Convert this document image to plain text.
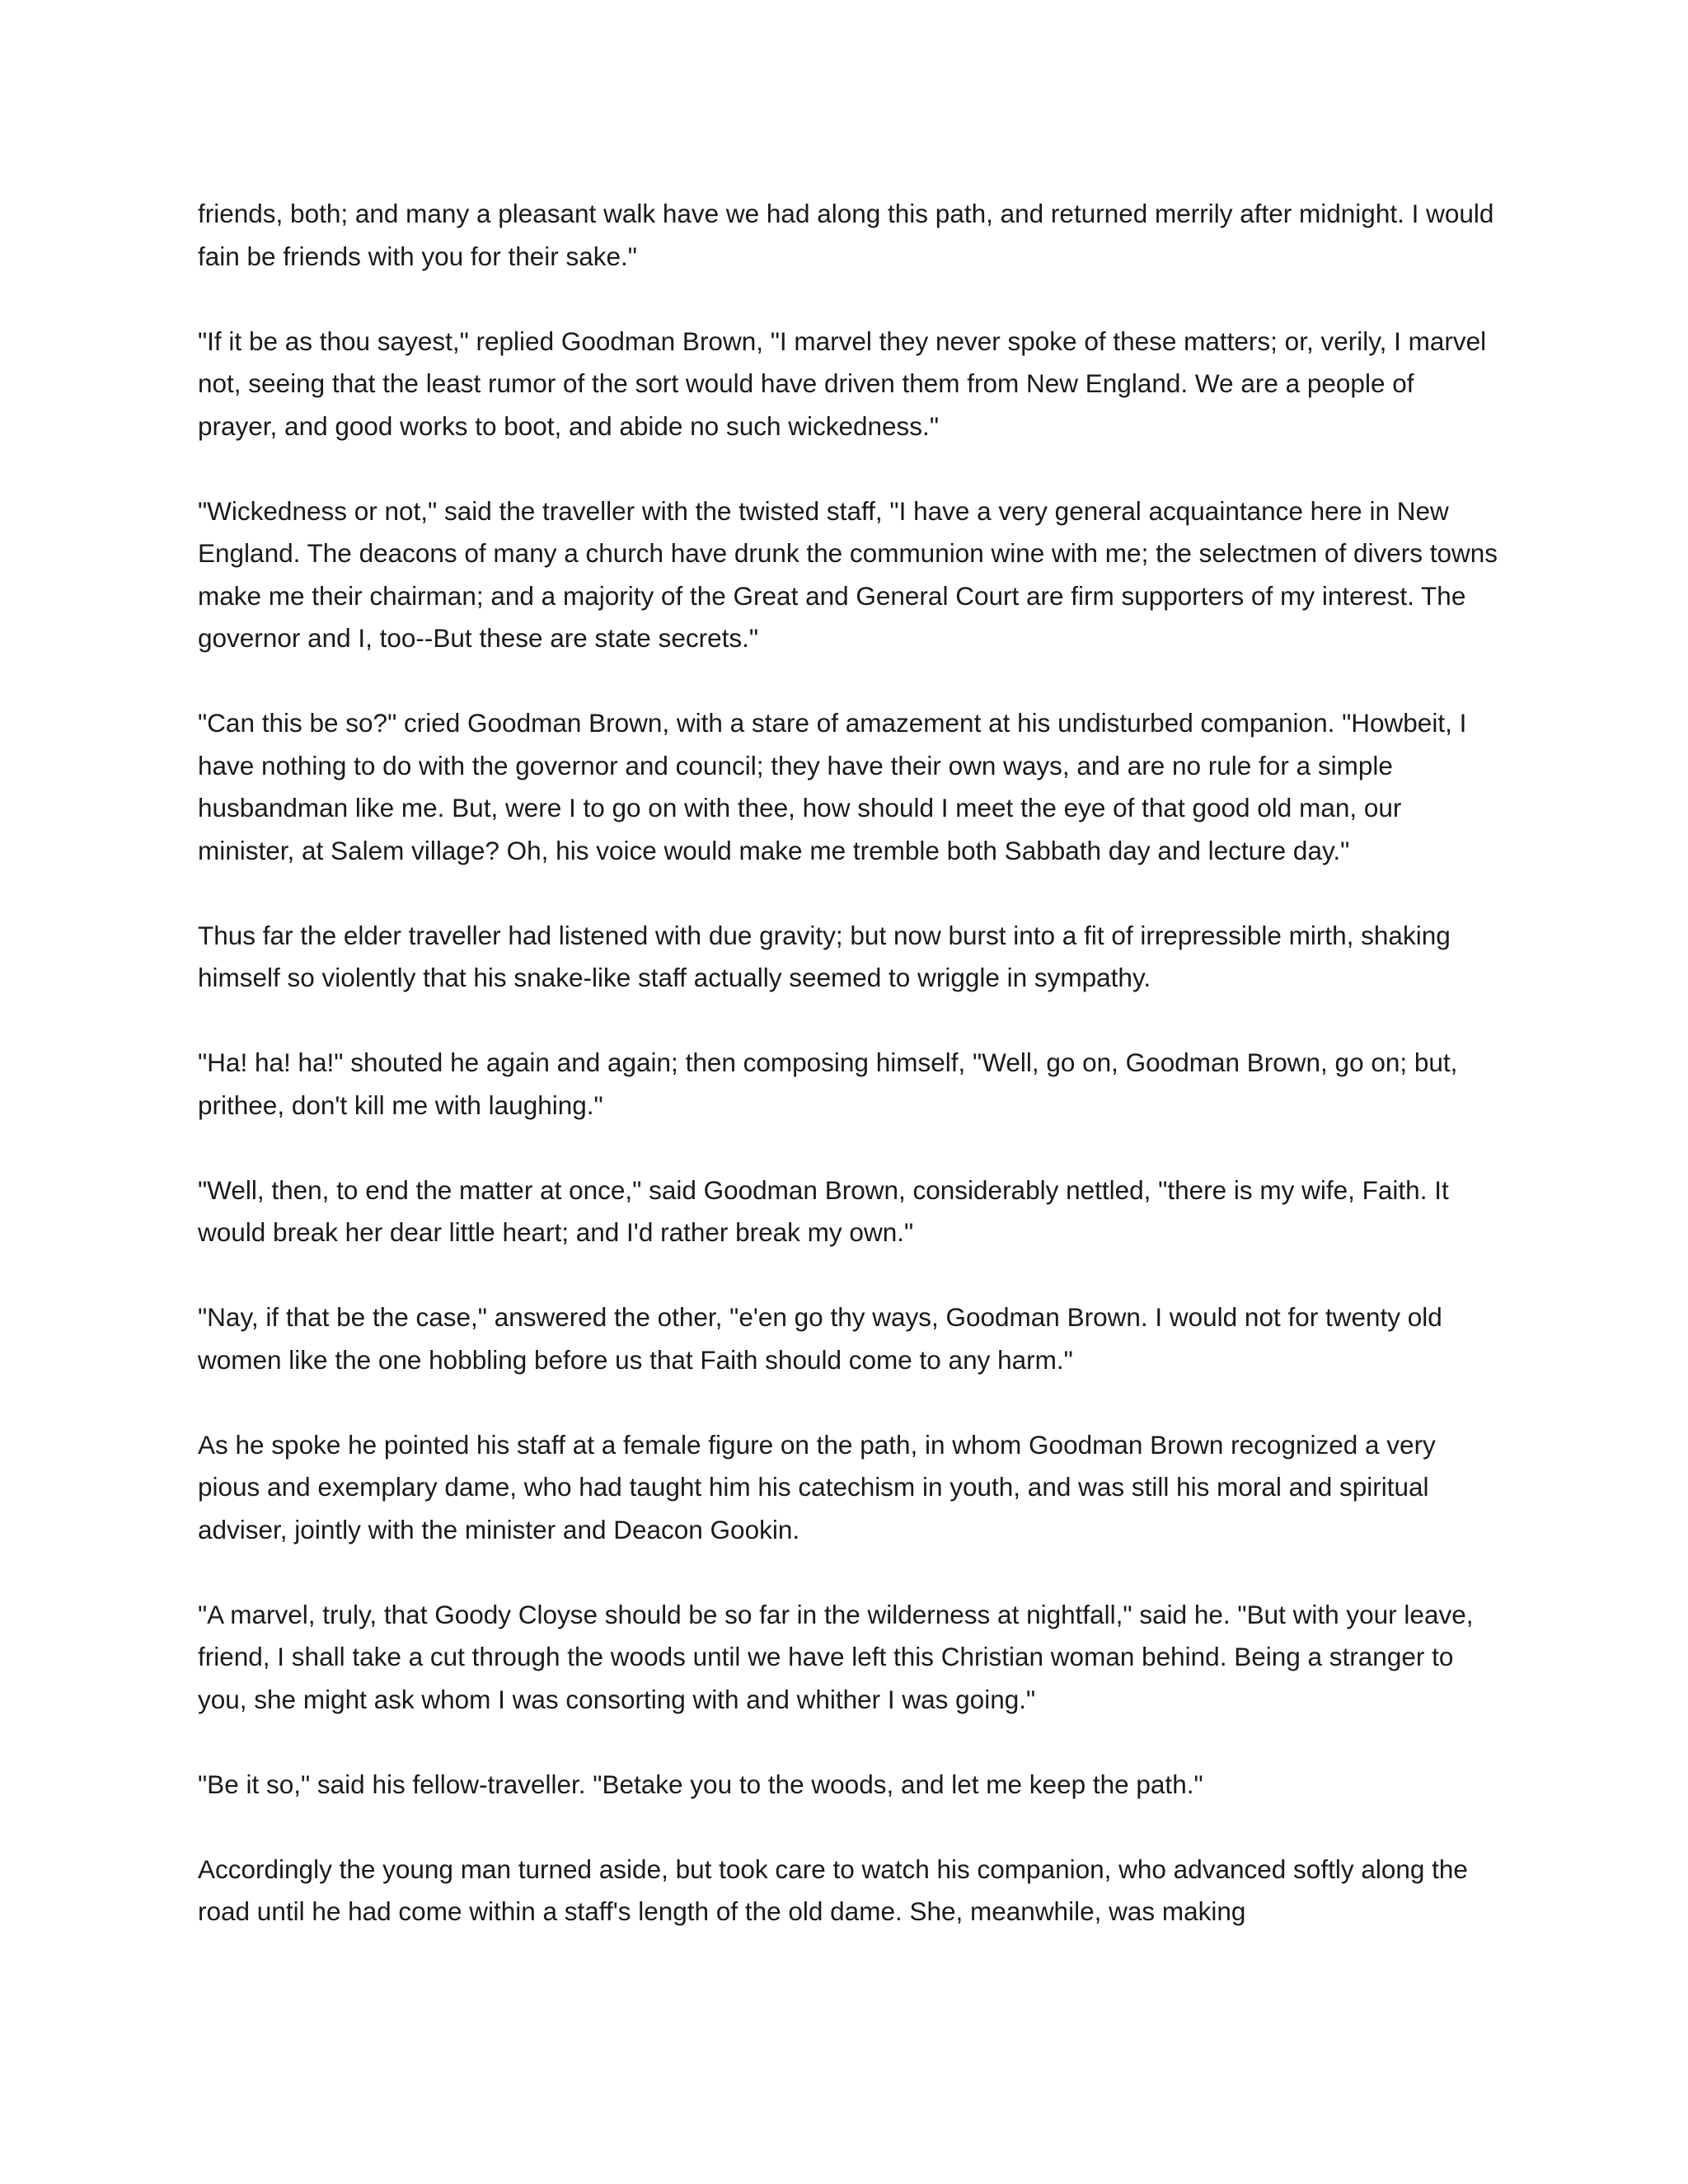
friends, both; and many a pleasant walk have we had along this path, and returned merrily after midnight. I would fain be friends with you for their sake."

"If it be as thou sayest," replied Goodman Brown, "I marvel they never spoke of these matters; or, verily, I marvel not, seeing that the least rumor of the sort would have driven them from New England. We are a people of prayer, and good works to boot, and abide no such wickedness."

"Wickedness or not," said the traveller with the twisted staff, "I have a very general acquaintance here in New England. The deacons of many a church have drunk the communion wine with me; the selectmen of divers towns make me their chairman; and a majority of the Great and General Court are firm supporters of my interest. The governor and I, too--But these are state secrets."

"Can this be so?" cried Goodman Brown, with a stare of amazement at his undisturbed companion. "Howbeit, I have nothing to do with the governor and council; they have their own ways, and are no rule for a simple husbandman like me. But, were I to go on with thee, how should I meet the eye of that good old man, our minister, at Salem village? Oh, his voice would make me tremble both Sabbath day and lecture day."

Thus far the elder traveller had listened with due gravity; but now burst into a fit of irrepressible mirth, shaking himself so violently that his snake-like staff actually seemed to wriggle in sympathy.

"Ha! ha! ha!" shouted he again and again; then composing himself, "Well, go on, Goodman Brown, go on; but, prithee, don't kill me with laughing."

"Well, then, to end the matter at once," said Goodman Brown, considerably nettled, "there is my wife, Faith. It would break her dear little heart; and I'd rather break my own."

"Nay, if that be the case," answered the other, "e'en go thy ways, Goodman Brown. I would not for twenty old women like the one hobbling before us that Faith should come to any harm."

As he spoke he pointed his staff at a female figure on the path, in whom Goodman Brown recognized a very pious and exemplary dame, who had taught him his catechism in youth, and was still his moral and spiritual adviser, jointly with the minister and Deacon Gookin.

"A marvel, truly, that Goody Cloyse should be so far in the wilderness at nightfall," said he. "But with your leave, friend, I shall take a cut through the woods until we have left this Christian woman behind. Being a stranger to you, she might ask whom I was consorting with and whither I was going."

"Be it so," said his fellow-traveller. "Betake you to the woods, and let me keep the path."

Accordingly the young man turned aside, but took care to watch his companion, who advanced softly along the road until he had come within a staff's length of the old dame. She, meanwhile, was making
